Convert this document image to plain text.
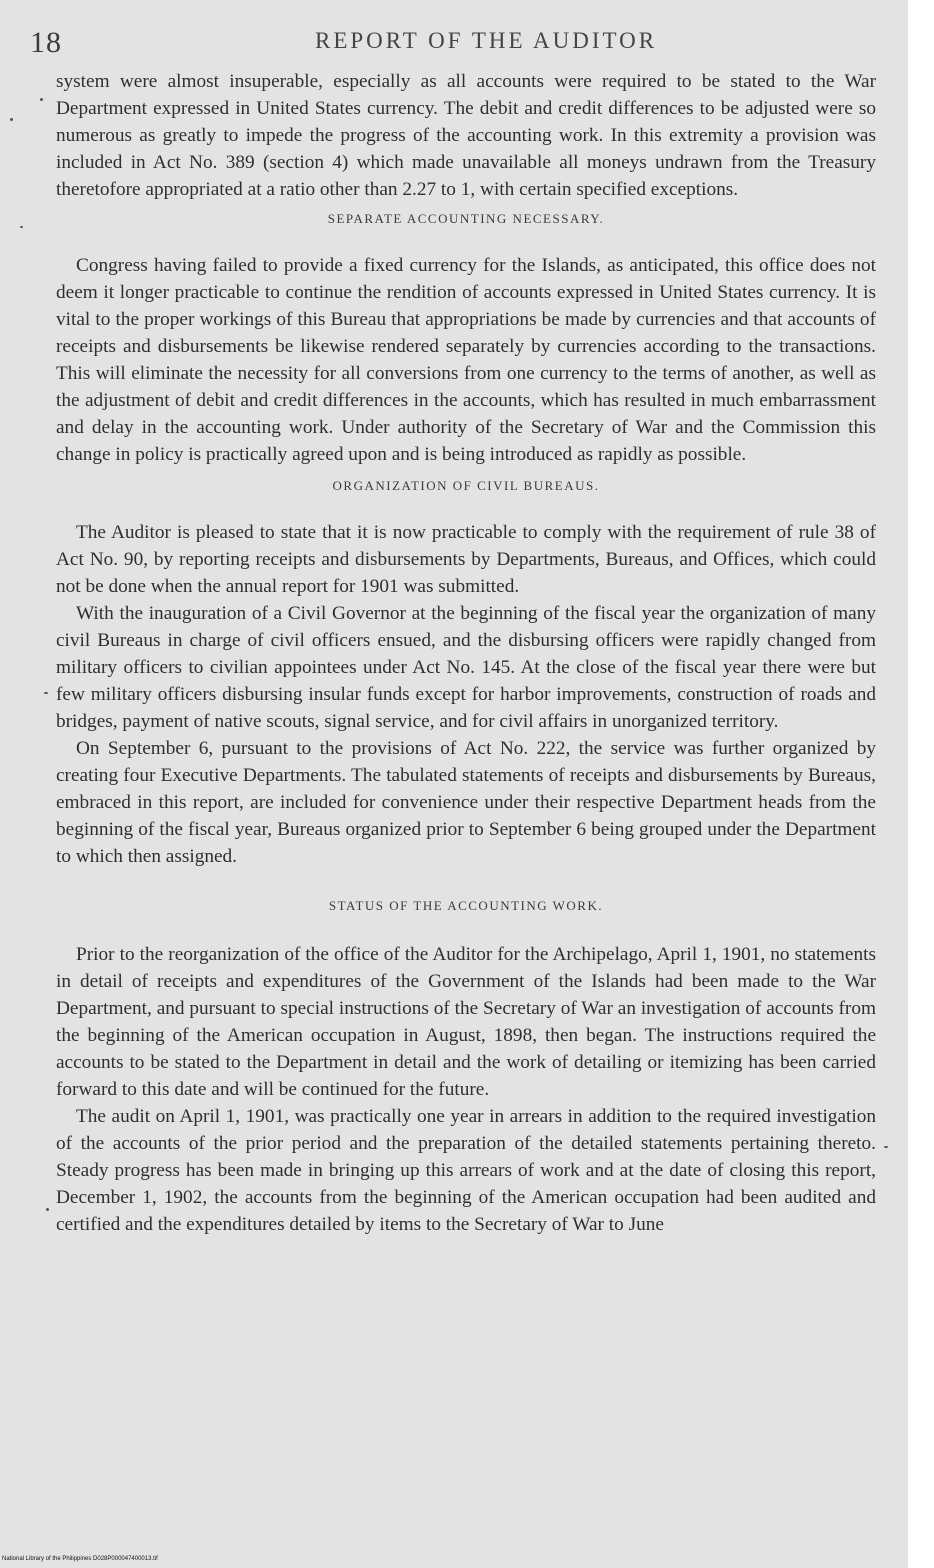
18	REPORT OF THE AUDITOR

system were almost insuperable, especially as all accounts were required to be stated to the War Department expressed in United States currency. The debit and credit differences to be adjusted were so numerous as greatly to impede the progress of the accounting work. In this extremity a provision was included in Act No. 389 (section 4) which made unavailable all moneys undrawn from the Treasury theretofore appropriated at a ratio other than 2.27 to 1, with certain specified exceptions.

SEPARATE ACCOUNTING NECESSARY.

Congress having failed to provide a fixed currency for the Islands, as anticipated, this office does not deem it longer practicable to continue the rendition of accounts expressed in United States currency. It is vital to the proper workings of this Bureau that appropriations be made by currencies and that accounts of receipts and disbursements be likewise rendered separately by currencies according to the transactions. This will eliminate the necessity for all conversions from one currency to the terms of another, as well as the adjustment of debit and credit differences in the accounts, which has resulted in much embarrassment and delay in the accounting work. Under authority of the Secretary of War and the Commission this change in policy is practically agreed upon and is being introduced as rapidly as possible.

ORGANIZATION OF CIVIL BUREAUS.

The Auditor is pleased to state that it is now practicable to comply with the requirement of rule 38 of Act No. 90, by reporting receipts and disbursements by Departments, Bureaus, and Offices, which could not be done when the annual report for 1901 was submitted.

With the inauguration of a Civil Governor at the beginning of the fiscal year the organization of many civil Bureaus in charge of civil officers ensued, and the disbursing officers were rapidly changed from military officers to civilian appointees under Act No. 145. At the close of the fiscal year there were but few military officers disbursing insular funds except for harbor improvements, construction of roads and bridges, payment of native scouts, signal service, and for civil affairs in unorganized territory.

On September 6, pursuant to the provisions of Act No. 222, the service was further organized by creating four Executive Departments. The tabulated statements of receipts and disbursements by Bureaus, embraced in this report, are included for convenience under their respective Department heads from the beginning of the fiscal year, Bureaus organized prior to September 6 being grouped under the Department to which then assigned.

STATUS OF THE ACCOUNTING WORK.

Prior to the reorganization of the office of the Auditor for the Archipelago, April 1, 1901, no statements in detail of receipts and expenditures of the Government of the Islands had been made to the War Department, and pursuant to special instructions of the Secretary of War an investigation of accounts from the beginning of the American occupation in August, 1898, then began. The instructions required the accounts to be stated to the Department in detail and the work of detailing or itemizing has been carried forward to this date and will be continued for the future.

The audit on April 1, 1901, was practically one year in arrears in addition to the required investigation of the accounts of the prior period and the preparation of the detailed statements pertaining thereto. Steady progress has been made in bringing up this arrears of work and at the date of closing this report, December 1, 1902, the accounts from the beginning of the American occupation had been audited and certified and the expenditures detailed by items to the Secretary of War to June

National Library of the Philippines D028P000047400013.tif
